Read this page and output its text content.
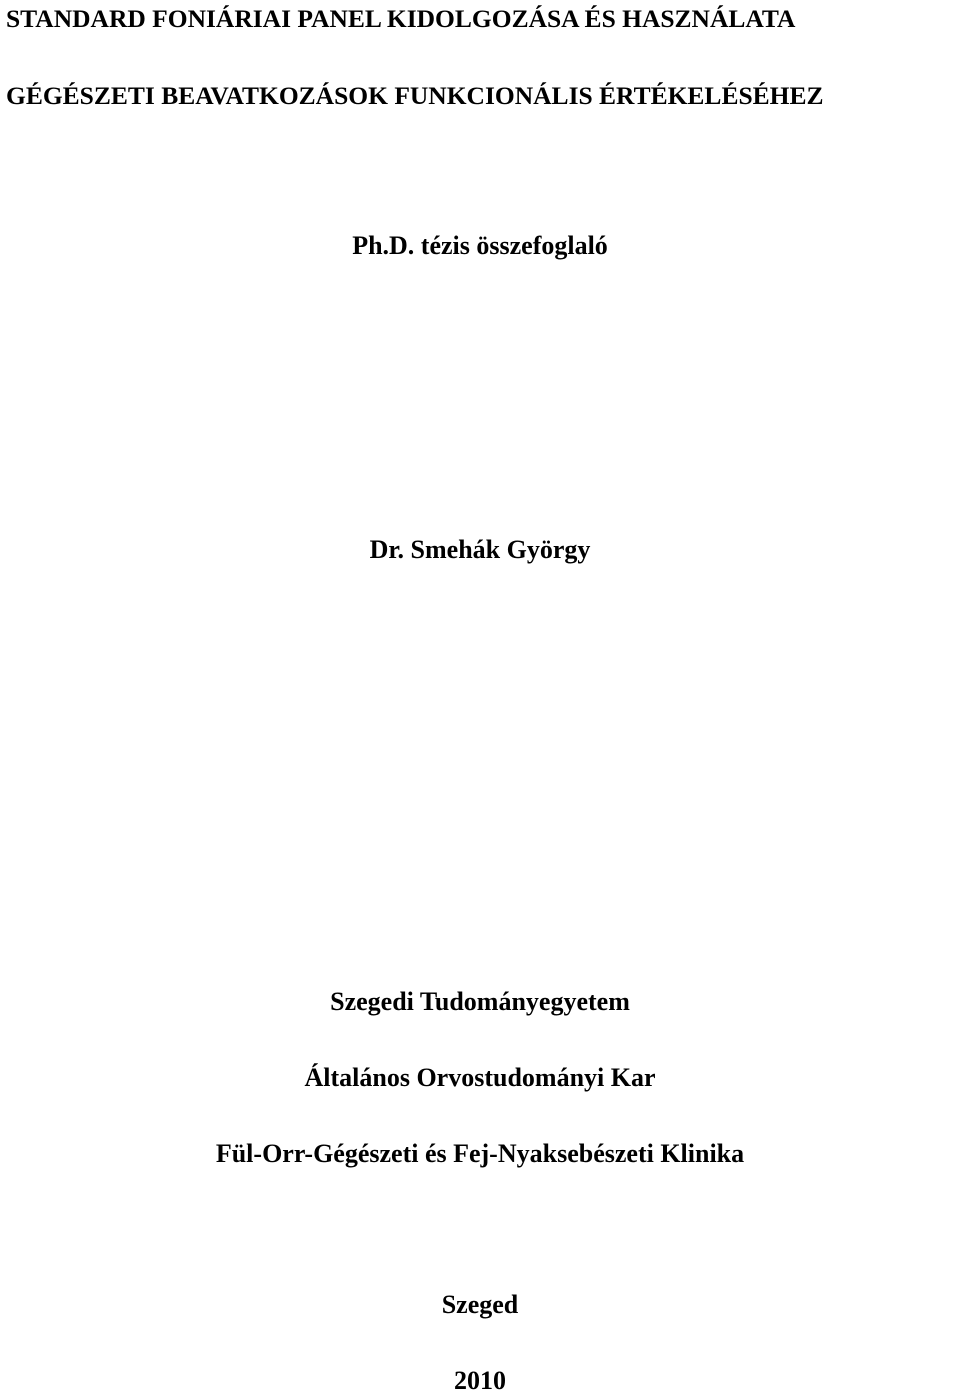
STANDARD FONIÁRIAI PANEL KIDOLGOZÁSA ÉS HASZNÁLATA
GÉGÉSZETI BEAVATKOZÁSOK FUNKCIONÁLIS ÉRTÉKELÉSÉHEZ
Ph.D. tézis összefoglaló
Dr. Smehák György
Szegedi Tudományegyetem
Általános Orvostudományi Kar
Fül-Orr-Gégészeti és Fej-Nyaksebészeti Klinika
Szeged
2010
